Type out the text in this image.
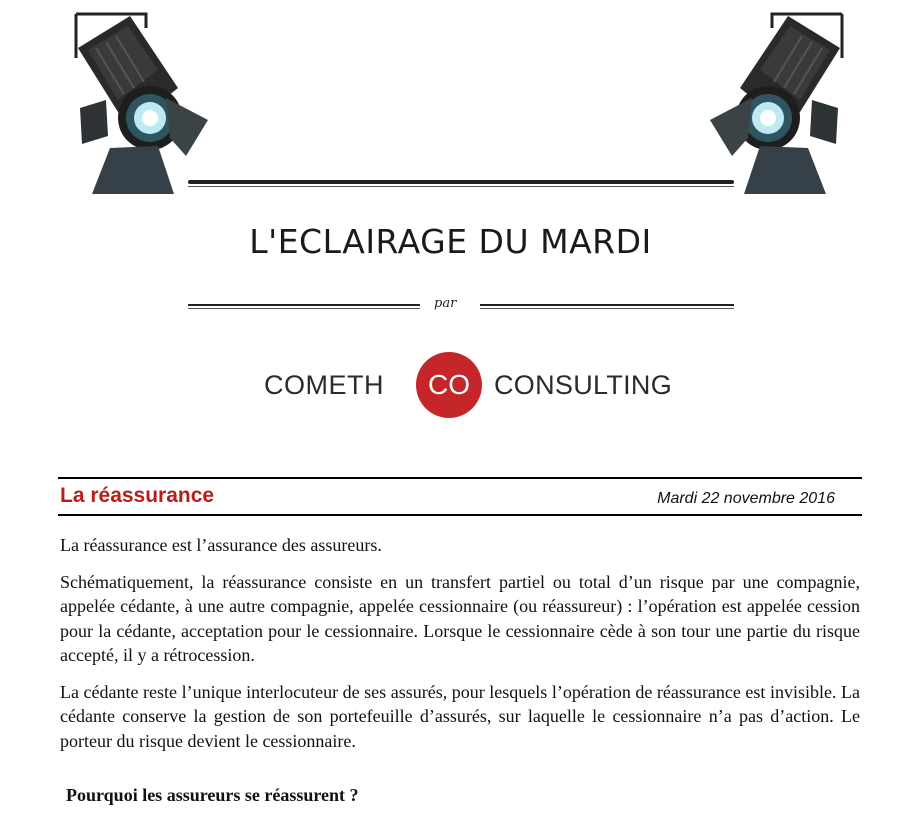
L'ECLAIRAGE DU MARDI
par
COMETH	CO CONSULTING
La réassurance	Mardi 22 novembre 2016

La réassurance est l’assurance des assureurs.

Schématiquement, la réassurance consiste en un transfert partiel ou total d’un risque par une compagnie, appelée cédante, à une autre compagnie, appelée cessionnaire (ou réassureur) : l’opération est appelée cession pour la cédante, acceptation pour le cessionnaire. Lorsque le cessionnaire cède à son tour une partie du risque accepté, il y a rétrocession.

La cédante reste l’unique interlocuteur de ses assurés, pour lesquels l’opération de réassurance est invisible. La cédante conserve la gestion de son portefeuille d’assurés, sur laquelle le cessionnaire n’a pas d’action. Le porteur du risque devient le cessionnaire.

Pourquoi les assureurs se réassurent ?
